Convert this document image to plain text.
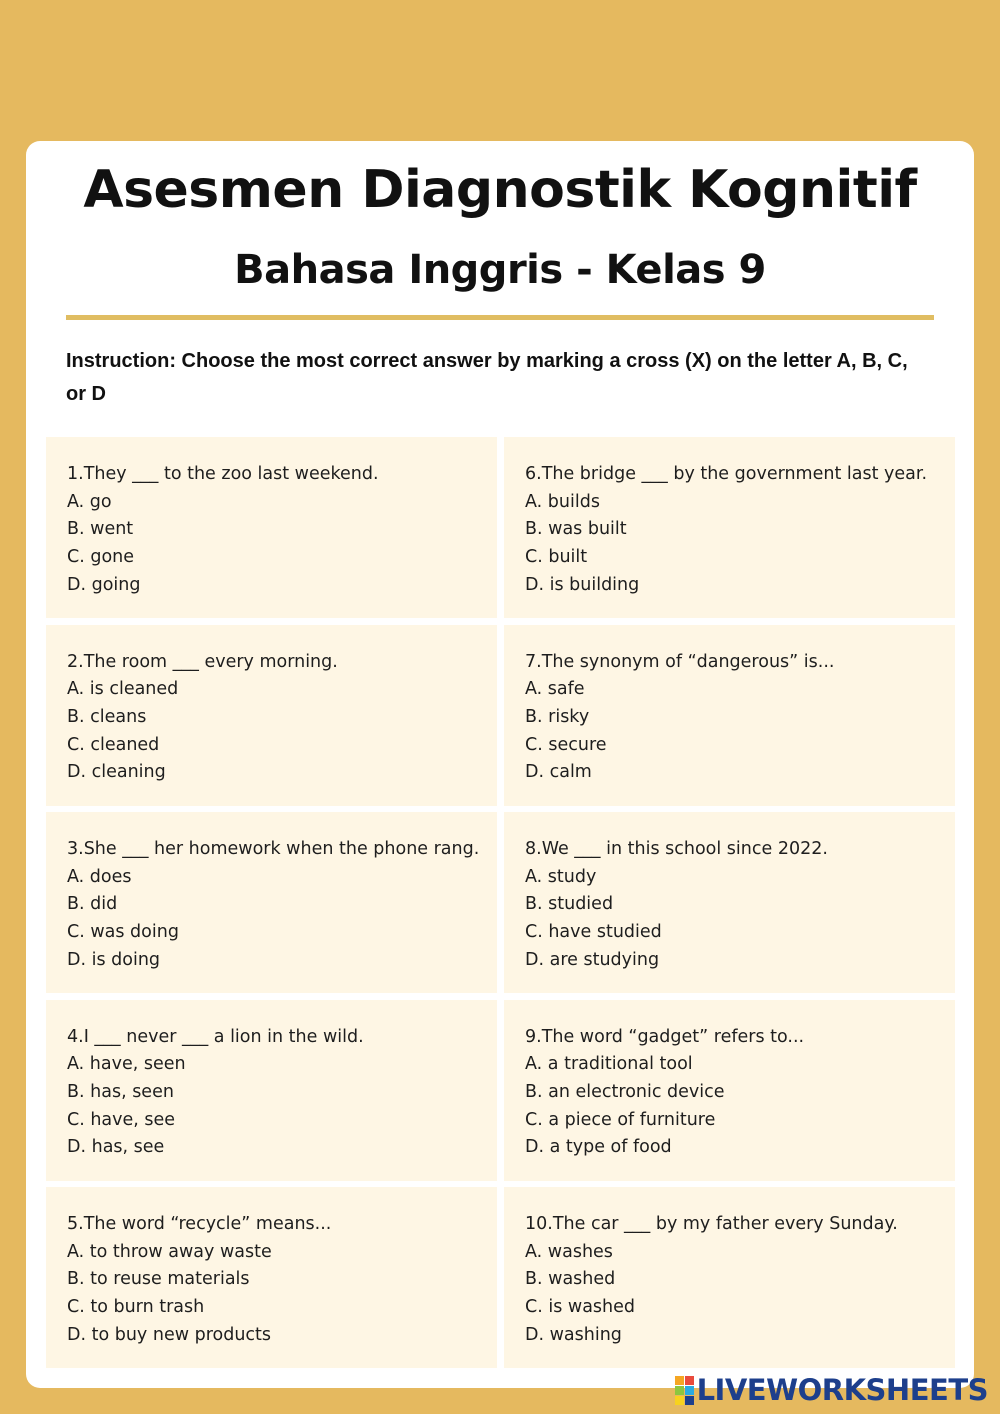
Asesmen Diagnostik Kognitif
Bahasa Inggris - Kelas 9

Instruction: Choose the most correct answer by marking a cross (X) on the letter A, B, C, or D

1.They ___ to the zoo last weekend.
A. go
B. went
C. gone
D. going
6.The bridge ___ by the government last year.
A. builds
B. was built
C. built
D. is building
2.The room ___ every morning.
A. is cleaned
B. cleans
C. cleaned
D. cleaning
7.The synonym of “dangerous” is...
A. safe
B. risky
C. secure
D. calm
3.She ___ her homework when the phone rang.
A. does
B. did
C. was doing
D. is doing
8.We ___ in this school since 2022.
A. study
B. studied
C. have studied
D. are studying
4.I ___ never ___ a lion in the wild.
A. have, seen
B. has, seen
C. have, see
D. has, see
9.The word “gadget” refers to...
A. a traditional tool
B. an electronic device
C. a piece of furniture
D. a type of food
5.The word “recycle” means...
A. to throw away waste
B. to reuse materials
C. to burn trash
D. to buy new products
10.The car ___ by my father every Sunday.
A. washes
B. washed
C. is washed
D. washing
LIVEWORKSHEETS
